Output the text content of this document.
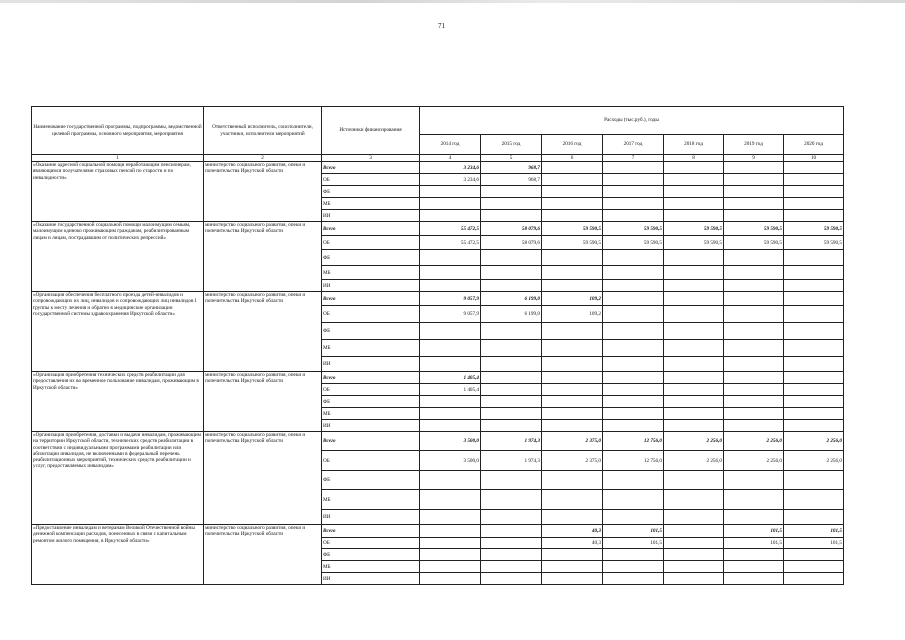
71
Наименование государственной программы, подпрограммы, ведомственной целевой программы, основного мероприятия, мероприятия	Ответственный исполнитель, соисполнители, участники, исполнители мероприятий	Источники финансирования	Расходы (тыс.руб.), годы						
			2014 год	2015 год	2016 год	2017 год	2018 год	2019 год	2020 год
1	2	3	4	5	6	7	8	9	10
«Оказание адресной социальной помощи неработающим пенсионерам, являющимся получателями страховых пенсий по старости и по инвалидности»	министерство социального развития, опеки и попечительства Иркутской области	Всего	3 234,6	968,7					
		ОБ	3 234,6	968,7					
		ФБ							
		МБ							
		ИИ							
«Оказание государственной социальной помощи малоимущим семьям, малоимущим одиноко проживающим гражданам, реабилитированным лицам и лицам, пострадавшим от политических репрессий»	министерство социального развития, опеки и попечительства Иркутской области	Всего	55 472,5	58 079,6	59 590,5	59 590,5	59 590,5	59 590,5	59 590,5
		ОБ	55 472,5	58 079,6	59 590,5	59 590,5	59 590,5	59 590,5	59 590,5
		ФБ							
		МБ							
		ИИ							
«Организация обеспечения бесплатного проезда детей-инвалидов и сопровождающих их лиц, инвалидов и сопровождающих лиц инвалидов I группы к месту лечения и обратно в медицинские организации государственной системы здравоохранения Иркутской области»	министерство социального развития, опеки и попечительства Иркутской области	Всего	9 057,9	6 199,0	109,2				
		ОБ	9 057,9	6 199,0	109,2				
		ФБ							
		МБ							
		ИИ							
«Организация приобретения технических средств реабилитации для предоставления их во временное пользование инвалидам, проживающим в Иркутской области»	министерство социального развития, опеки и попечительства Иркутской области	Всего	1 405,4						
		ОБ	1 405,4						
		ФБ							
		МБ							
		ИИ							
«Организация приобретения, доставки и выдачи инвалидам, проживающим на территории Иркутской области, технических средств реабилитации в соответствии с индивидуальными программами реабилитации или абилитации инвалидов, не включенными в федеральный перечень реабилитационных мероприятий, технических средств реабилитации и услуг, предоставляемых инвалидам»	министерство социального развития, опеки и попечительства Иркутской области	Всего	3 500,0	1 974,3	2 375,0	12 756,0	2 256,0	2 256,0	2 256,0
		ОБ	3 500,0	1 974,3	2 375,0	12 756,0	2 256,0	2 256,0	2 256,0
		ФБ							
		МБ							
		ИИ							
«Предоставление инвалидам и ветеранам Великой Отечественной войны денежной компенсации расходов, понесенных в связи с капитальным ремонтом жилого помещения, в Иркутской области»	министерство социального развития, опеки и попечительства Иркутской области	Всего			40,3	101,5		101,5	101,5
		ОБ			40,3	101,5		101,5	101,5
		ФБ							
		МБ							
		ИИ							
